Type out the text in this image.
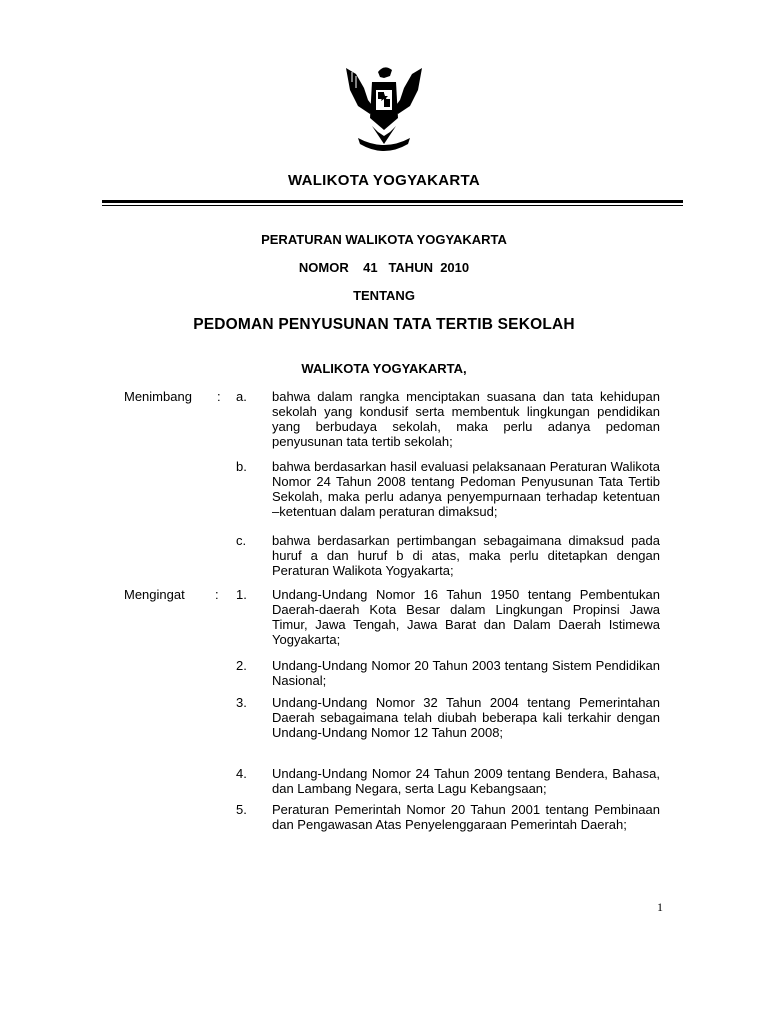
WALIKOTA YOGYAKARTA
PERATURAN WALIKOTA YOGYAKARTA
NOMOR    41   TAHUN  2010
TENTANG
PEDOMAN PENYUSUNAN TATA TERTIB SEKOLAH
WALIKOTA YOGYAKARTA,
Menimbang : a. bahwa dalam rangka menciptakan suasana dan tata kehidupan sekolah yang kondusif serta membentuk lingkungan pendidikan yang berbudaya sekolah, maka perlu adanya pedoman penyusunan tata tertib sekolah;
b. bahwa berdasarkan hasil evaluasi pelaksanaan Peraturan Walikota Nomor 24 Tahun 2008 tentang Pedoman Penyusunan Tata Tertib Sekolah, maka perlu adanya penyempurnaan terhadap ketentuan –ketentuan dalam peraturan dimaksud;
c. bahwa berdasarkan pertimbangan sebagaimana dimaksud pada huruf a dan huruf b di atas, maka perlu ditetapkan dengan Peraturan Walikota Yogyakarta;
Mengingat : 1. Undang-Undang Nomor 16 Tahun 1950 tentang Pembentukan Daerah-daerah Kota Besar dalam Lingkungan Propinsi Jawa Timur, Jawa Tengah, Jawa Barat dan Dalam Daerah Istimewa Yogyakarta;
2. Undang-Undang Nomor 20 Tahun 2003 tentang Sistem Pendidikan Nasional;
3. Undang-Undang Nomor 32 Tahun 2004 tentang Pemerintahan Daerah sebagaimana telah diubah beberapa kali terkahir dengan Undang-Undang Nomor 12 Tahun 2008;
4. Undang-Undang Nomor 24 Tahun 2009 tentang Bendera, Bahasa, dan Lambang Negara, serta Lagu Kebangsaan;
5. Peraturan Pemerintah Nomor 20 Tahun 2001 tentang Pembinaan dan Pengawasan Atas Penyelenggaraan Pemerintah Daerah;
1
